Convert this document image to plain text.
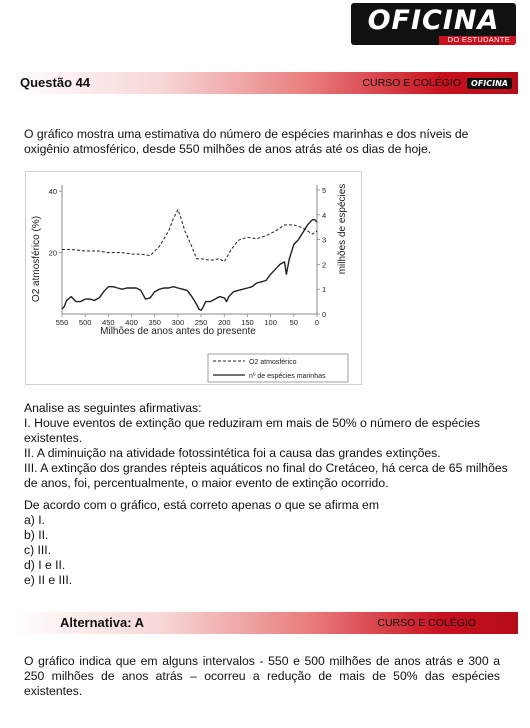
OFICINA
DO ESTUDANTE
Questão 44	CURSO E COLÉGIO	OFICINA
O gráfico mostra uma estimativa do número de espécies marinhas e dos níveis de
oxigênio atmosférico, desde 550 milhões de anos atrás até os dias de hoje.
550 500 450 400 350 300 250 200 150 100 50 0
20
40
0
1
2
3
4
5
O2 atmosférico (%)	milhões de espécies
Milhões de anos antes do presente
O2 atmosférico
nº de espécies marinhas
Analise as seguintes afirmativas:
I. Houve eventos de extinção que reduziram em mais de 50% o número de espécies
existentes.
II. A diminuição na atividade fotossintética foi a causa das grandes extinções.
III. A extinção dos grandes répteis aquáticos no final do Cretáceo, há cerca de 65 milhões
de anos, foi, percentualmente, o maior evento de extinção ocorrido.
De acordo com o gráfico, está correto apenas o que se afirma em
a) I.
b) II.
c) III.
d) I e II.
e) II e III.
Alternativa: A	CURSO E COLÉGIO
O gráfico indica que em alguns intervalos - 550 e 500 milhões de anos atrás e 300 a 250 milhões de anos atrás – ocorreu a redução de mais de 50% das espécies existentes.
